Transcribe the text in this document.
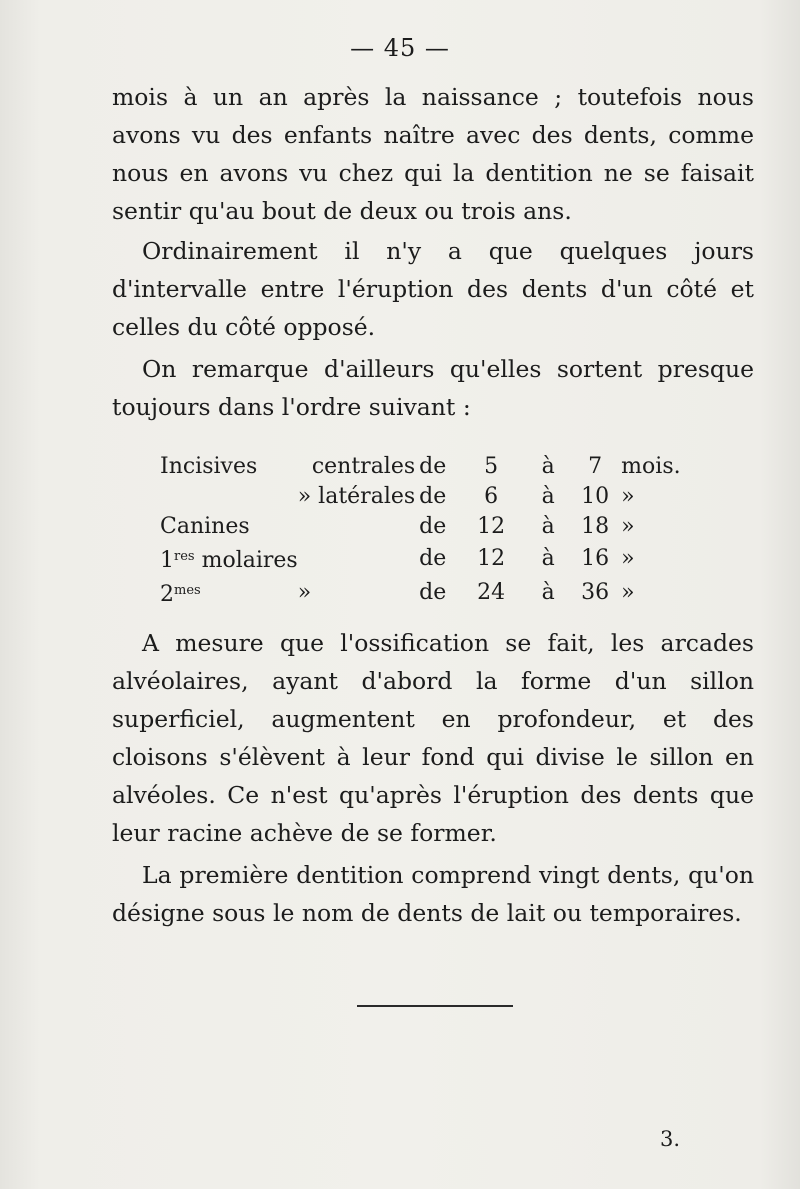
— 45 —
mois à un an après la naissance ; toutefois nous avons vu des enfants naître avec des dents, comme nous en avons vu chez qui la dentition ne se faisait sentir qu'au bout de deux ou trois ans.
Ordinairement il n'y a que quelques jours d'intervalle entre l'éruption des dents d'un côté et celles du côté opposé.
On remarque d'ailleurs qu'elles sortent presque toujours dans l'ordre suivant :
Incisives	centrales	de	5	à	7	mois.
	» latérales	de	6	à	10	»
Canines		de	12	à	18	»
1res molaires		de	12	à	16	»
$2^{mes}$	»	de	24	à	36	»
A mesure que l'ossification se fait, les arcades alvéolaires, ayant d'abord la forme d'un sillon superficiel, augmentent en profondeur, et des cloisons s'élèvent à leur fond qui divise le sillon en alvéoles. Ce n'est qu'après l'éruption des dents que leur racine achève de se former.
La première dentition comprend vingt dents, qu'on désigne sous le nom de dents de lait ou temporaires.
3.
